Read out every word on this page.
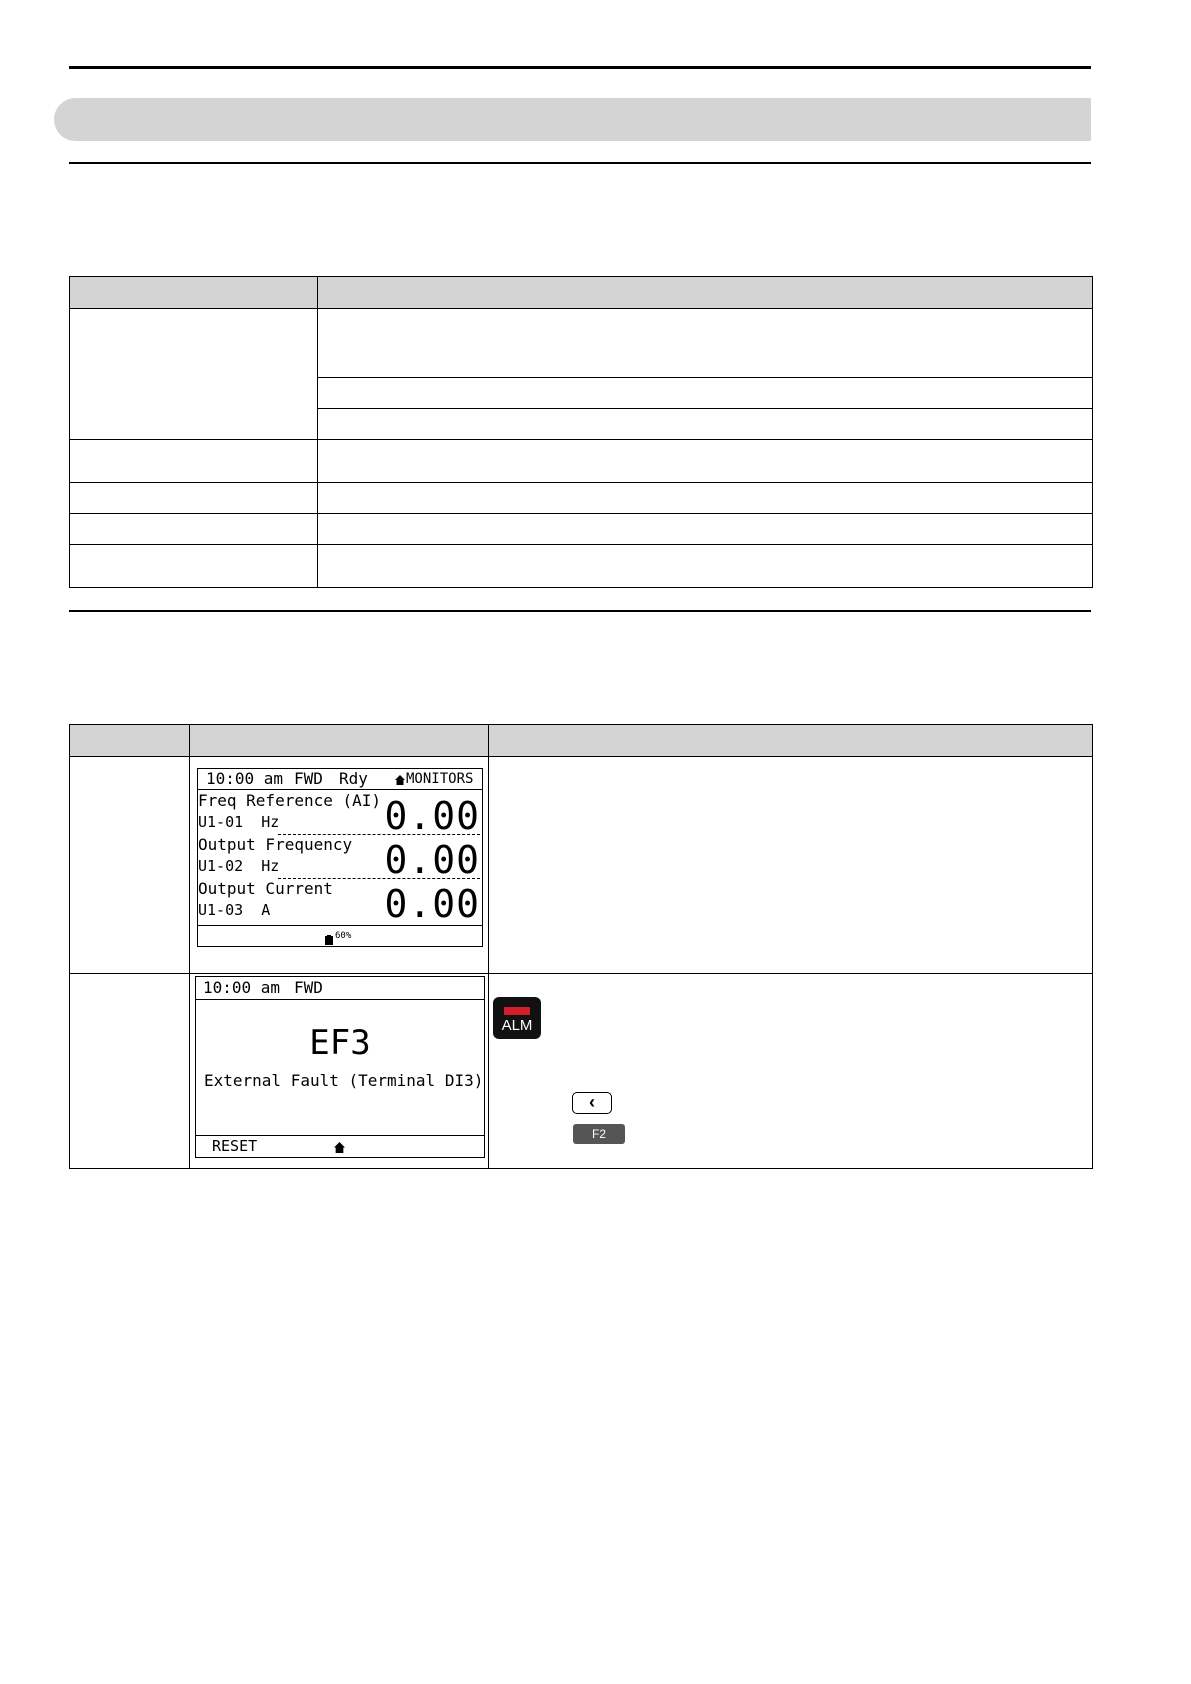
10:00 am FWD Rdy	MONITORS
Freq Reference (AI)
U1-01 Hz	0.00
Output Frequency
U1-02 Hz	0.00
Output Current
U1-03 A	0.00
60%
10:00 am FWD
EF3
External Fault (Terminal DI3)
RESET
ALM
‹
F2
